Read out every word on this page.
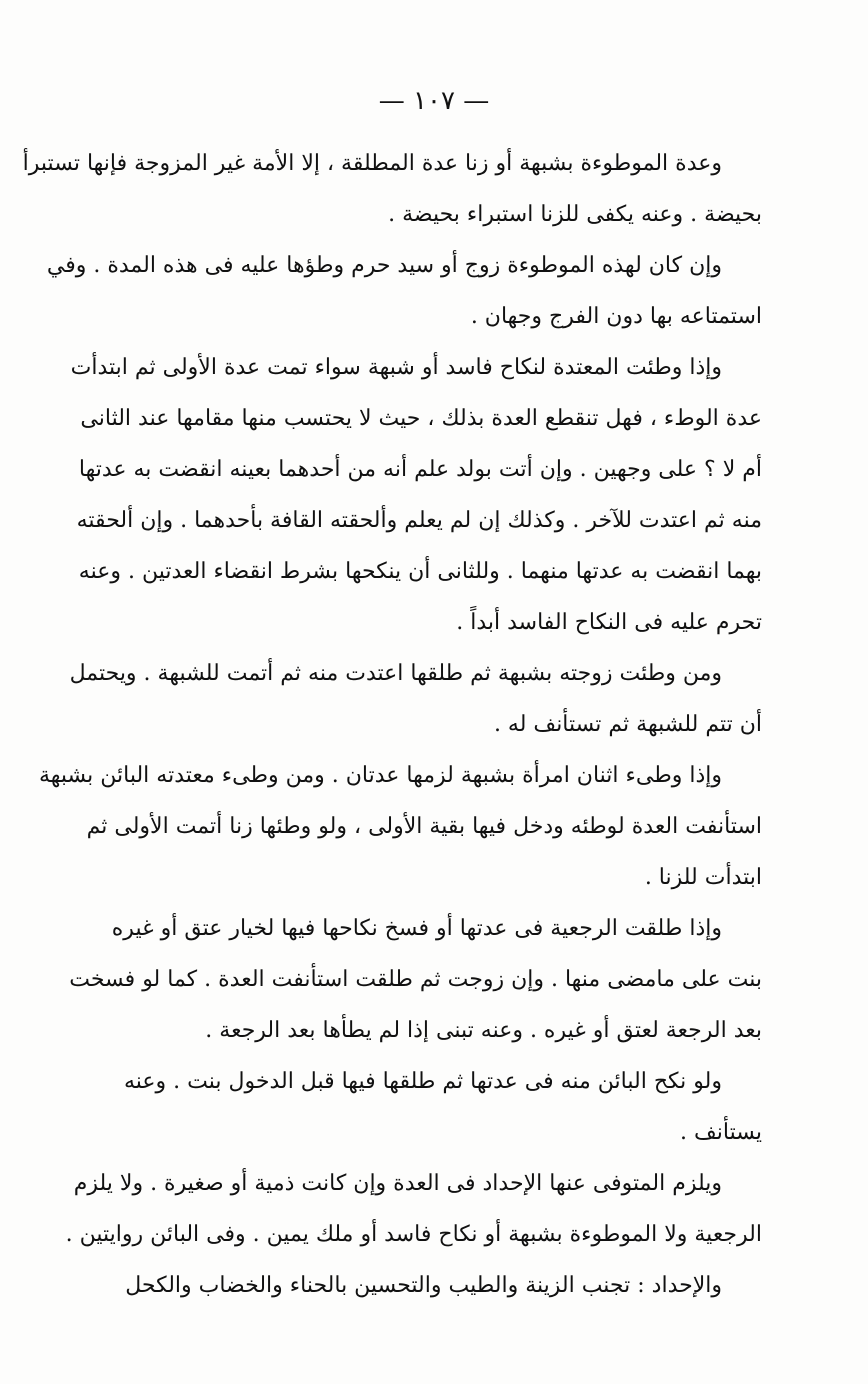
— ١٠٧ —
وعدة الموطوءة بشبهة أو زنا عدة المطلقة ، إلا الأمة غير المزوجة فإنها تستبرأ
بحيضة . وعنه يكفى للزنا استبراء بحيضة .
وإن كان لهذه الموطوءة زوج أو سيد حرم وطؤها عليه فى هذه المدة . وفي
استمتاعه بها دون الفرج وجهان .
وإذا وطئت المعتدة لنكاح فاسد أو شبهة سواء تمت عدة الأولى ثم ابتدأت
عدة الوطء ، فهل تنقطع العدة بذلك ، حيث لا يحتسب منها مقامها عند الثانى
أم لا ؟ على وجهين . وإن أتت بولد علم أنه من أحدهما بعينه انقضت به عدتها
منه ثم اعتدت للآخر . وكذلك إن لم يعلم وألحقته القافة بأحدهما . وإن ألحقته
بهما انقضت به عدتها منهما . وللثانى أن ينكحها بشرط انقضاء العدتين . وعنه
تحرم عليه فى النكاح الفاسد أبداً .
ومن وطئت زوجته بشبهة ثم طلقها اعتدت منه ثم أتمت للشبهة . ويحتمل
أن تتم للشبهة ثم تستأنف له .
وإذا وطىء اثنان امرأة بشبهة لزمها عدتان . ومن وطىء معتدته البائن بشبهة
استأنفت العدة لوطئه ودخل فيها بقية الأولى ، ولو وطئها زنا أتمت الأولى ثم
ابتدأت للزنا .
وإذا طلقت الرجعية فى عدتها أو فسخ نكاحها فيها لخيار عتق أو غيره
بنت على مامضى منها . وإن زوجت ثم طلقت استأنفت العدة . كما لو فسخت
بعد الرجعة لعتق أو غيره . وعنه تبنى إذا لم يطأها بعد الرجعة .
ولو نكح البائن منه فى عدتها ثم طلقها فيها قبل الدخول بنت . وعنه
يستأنف .
ويلزم المتوفى عنها الإحداد فى العدة وإن كانت ذمية أو صغيرة . ولا يلزم
الرجعية ولا الموطوءة بشبهة أو نكاح فاسد أو ملك يمين . وفى البائن روايتين .
والإحداد : تجنب الزينة والطيب والتحسين بالحناء والخضاب والكحل
